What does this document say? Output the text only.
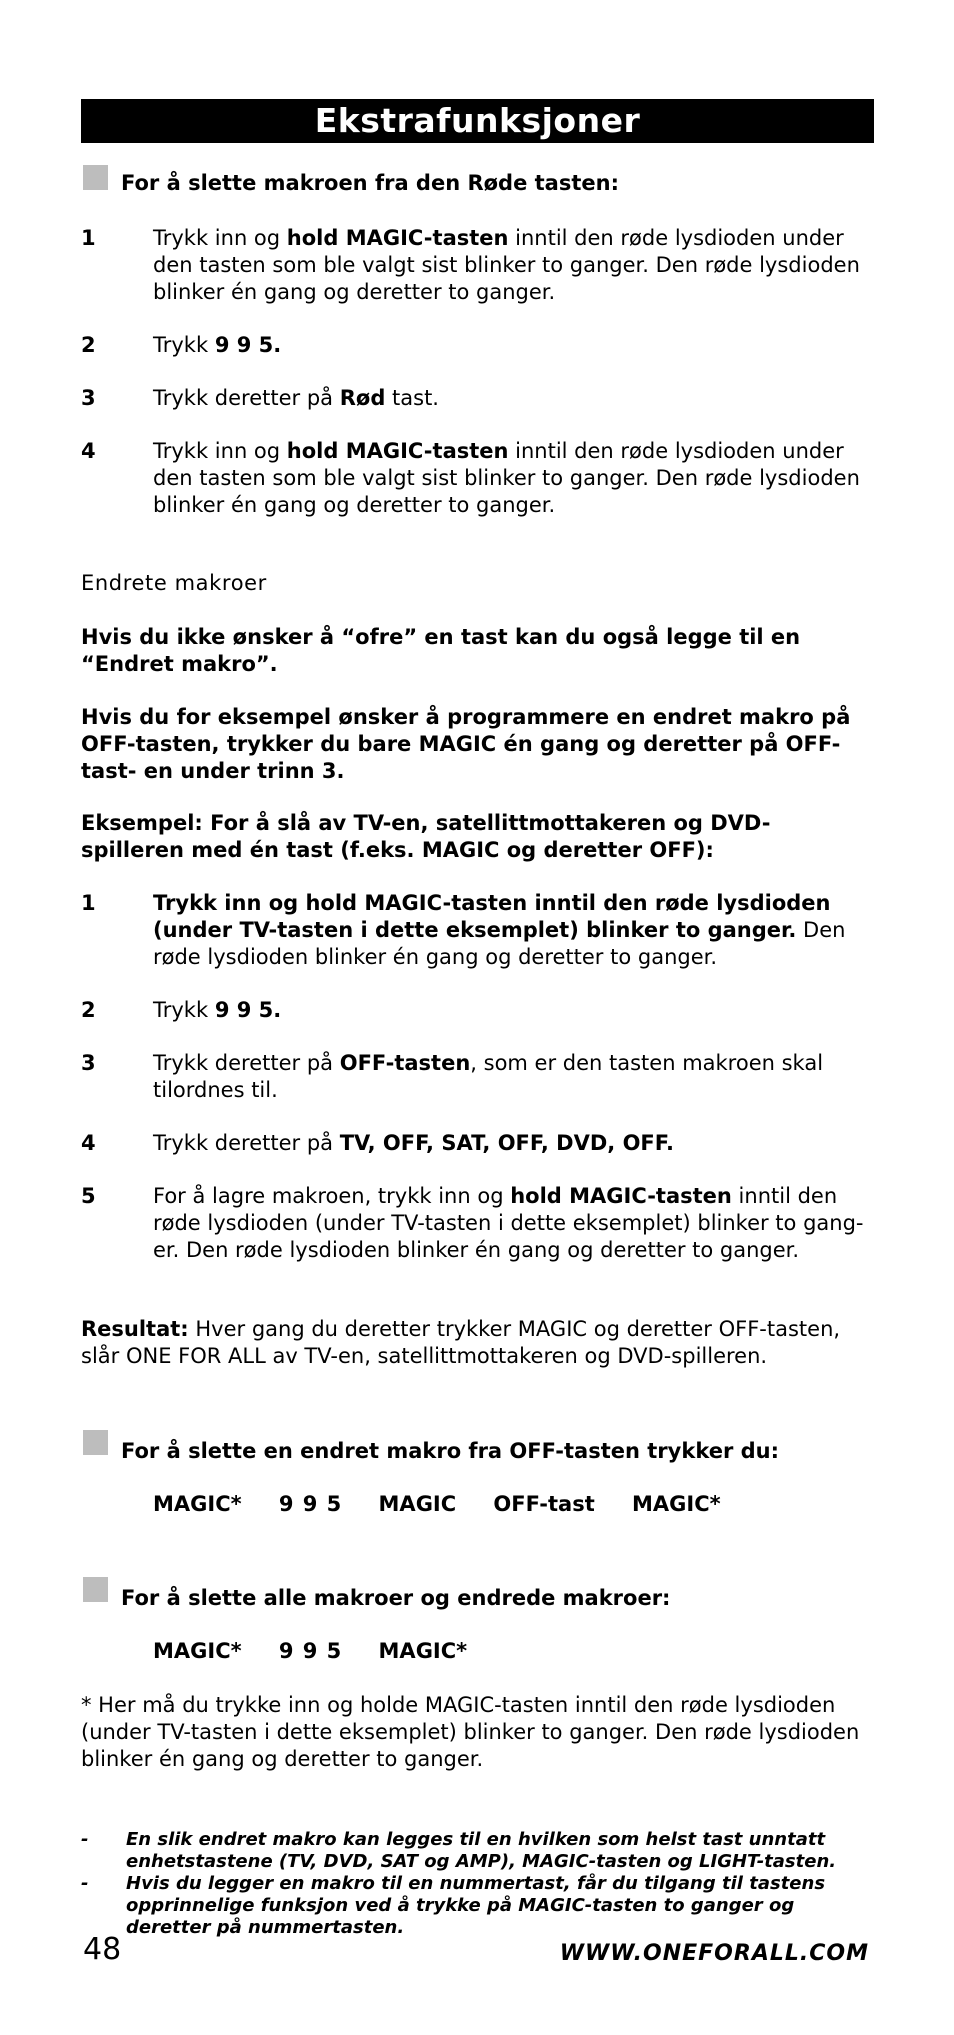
Ekstrafunksjoner
For å slette makroen fra den Røde tasten:
1	Trykk inn og hold MAGIC-tasten inntil den røde lysdioden under den tasten som ble valgt sist blinker to ganger. Den røde lysdioden blinker én gang og deretter to ganger.
2	Trykk 9 9 5.
3	Trykk deretter på Rød tast.
4	Trykk inn og hold MAGIC-tasten inntil den røde lysdioden under den tasten som ble valgt sist blinker to ganger. Den røde lysdioden blinker én gang og deretter to ganger.
Endrete makroer
Hvis du ikke ønsker å “ofre” en tast kan du også legge til en “Endret makro”.
Hvis du for eksempel ønsker å programmere en endret makro på OFF-tasten, trykker du bare MAGIC én gang og deretter på OFF-tast- en under trinn 3.
Eksempel: For å slå av TV-en, satellittmottakeren og DVD-spilleren med én tast (f.eks. MAGIC og deretter OFF):
1	Trykk inn og hold MAGIC-tasten inntil den røde lysdioden (under TV-tasten i dette eksemplet) blinker to ganger. Den røde lysdioden blinker én gang og deretter to ganger.
2	Trykk 9 9 5.
3	Trykk deretter på OFF-tasten, som er den tasten makroen skal tilordnes til.
4	Trykk deretter på TV, OFF, SAT, OFF, DVD, OFF.
5	For å lagre makroen, trykk inn og hold MAGIC-tasten inntil den røde lysdioden (under TV-tasten i dette eksemplet) blinker to gang- er. Den røde lysdioden blinker én gang og deretter to ganger.
Resultat: Hver gang du deretter trykker MAGIC og deretter OFF-tasten, slår ONE FOR ALL av TV-en, satellittmottakeren og DVD-spilleren.
For å slette en endret makro fra OFF-tasten trykker du:
MAGIC*    9 9 5    MAGIC    OFF-tast    MAGIC*
For å slette alle makroer og endrede makroer:
MAGIC*    9 9 5    MAGIC*
* Her må du trykke inn og holde MAGIC-tasten inntil den røde lysdioden (under TV-tasten i dette eksemplet) blinker to ganger. Den røde lysdioden blinker én gang og deretter to ganger.
- En slik endret makro kan legges til en hvilken som helst tast unntatt enhetstastene (TV, DVD, SAT og AMP), MAGIC-tasten og LIGHT-tasten.
- Hvis du legger en makro til en nummertast, får du tilgang til tastens opprinnelige funksjon ved å trykke på MAGIC-tasten to ganger og deretter på nummertasten.
48	WWW.ONEFORALL.COM
